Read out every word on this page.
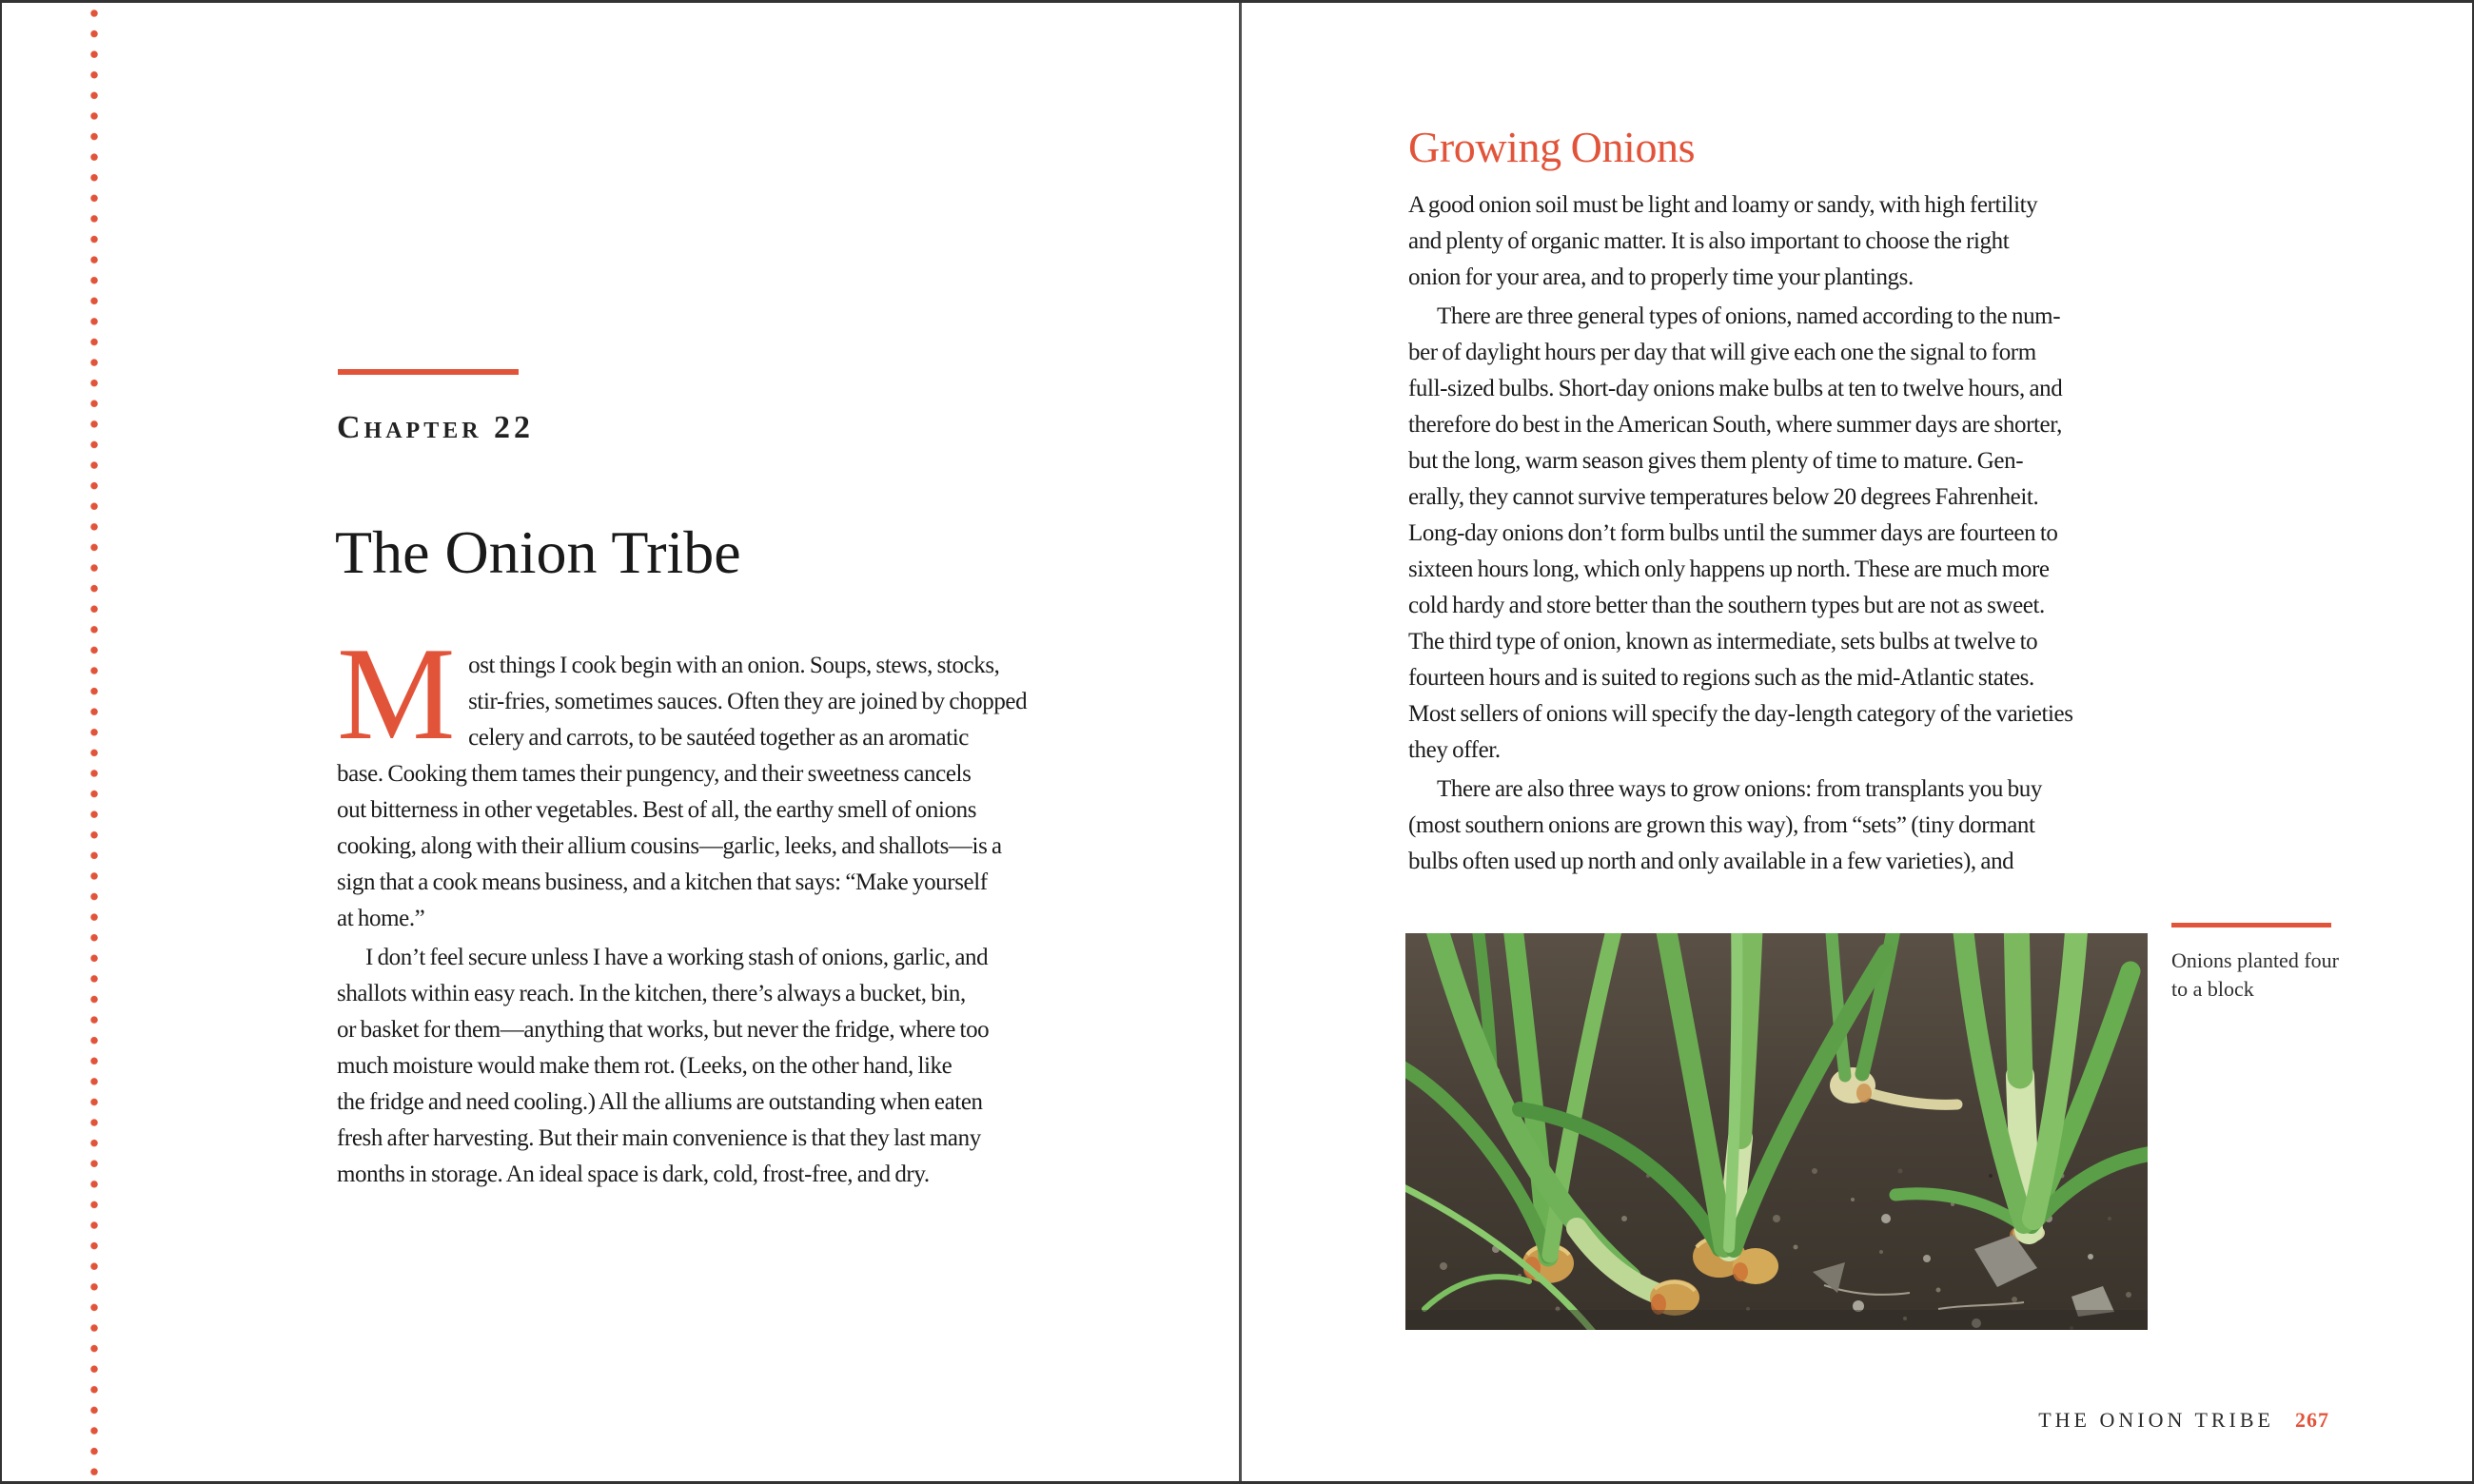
Chapter 22
The Onion Tribe
M ost things I cook begin with an onion. Soups, stews, stocks,
stir-fries, sometimes sauces. Often they are joined by chopped
celery and carrots, to be sautéed together as an aromatic
base. Cooking them tames their pungency, and their sweetness cancels
out bitterness in other vegetables. Best of all, the earthy smell of onions
cooking, along with their allium cousins—garlic, leeks, and shallots—is a
sign that a cook means business, and a kitchen that says: “Make yourself
at home.”
I don’t feel secure unless I have a working stash of onions, garlic, and
shallots within easy reach. In the kitchen, there’s always a bucket, bin,
or basket for them—anything that works, but never the fridge, where too
much moisture would make them rot. (Leeks, on the other hand, like
the fridge and need cooling.) All the alliums are outstanding when eaten
fresh after harvesting. But their main convenience is that they last many
months in storage. An ideal space is dark, cold, frost-free, and dry.
Growing Onions
A good onion soil must be light and loamy or sandy, with high fertility
and plenty of organic matter. It is also important to choose the right
onion for your area, and to properly time your plantings.
There are three general types of onions, named according to the num-
ber of daylight hours per day that will give each one the signal to form
full-sized bulbs. Short-day onions make bulbs at ten to twelve hours, and
therefore do best in the American South, where summer days are shorter,
but the long, warm season gives them plenty of time to mature. Gen-
erally, they cannot survive temperatures below 20 degrees Fahrenheit.
Long-day onions don’t form bulbs until the summer days are fourteen to
sixteen hours long, which only happens up north. These are much more
cold hardy and store better than the southern types but are not as sweet.
The third type of onion, known as intermediate, sets bulbs at twelve to
fourteen hours and is suited to regions such as the mid-Atlantic states.
Most sellers of onions will specify the day-length category of the varieties
they offer.
There are also three ways to grow onions: from transplants you buy
(most southern onions are grown this way), from “sets” (tiny dormant
bulbs often used up north and only available in a few varieties), and
Onions planted four
to a block
THE ONION TRIBE 267
